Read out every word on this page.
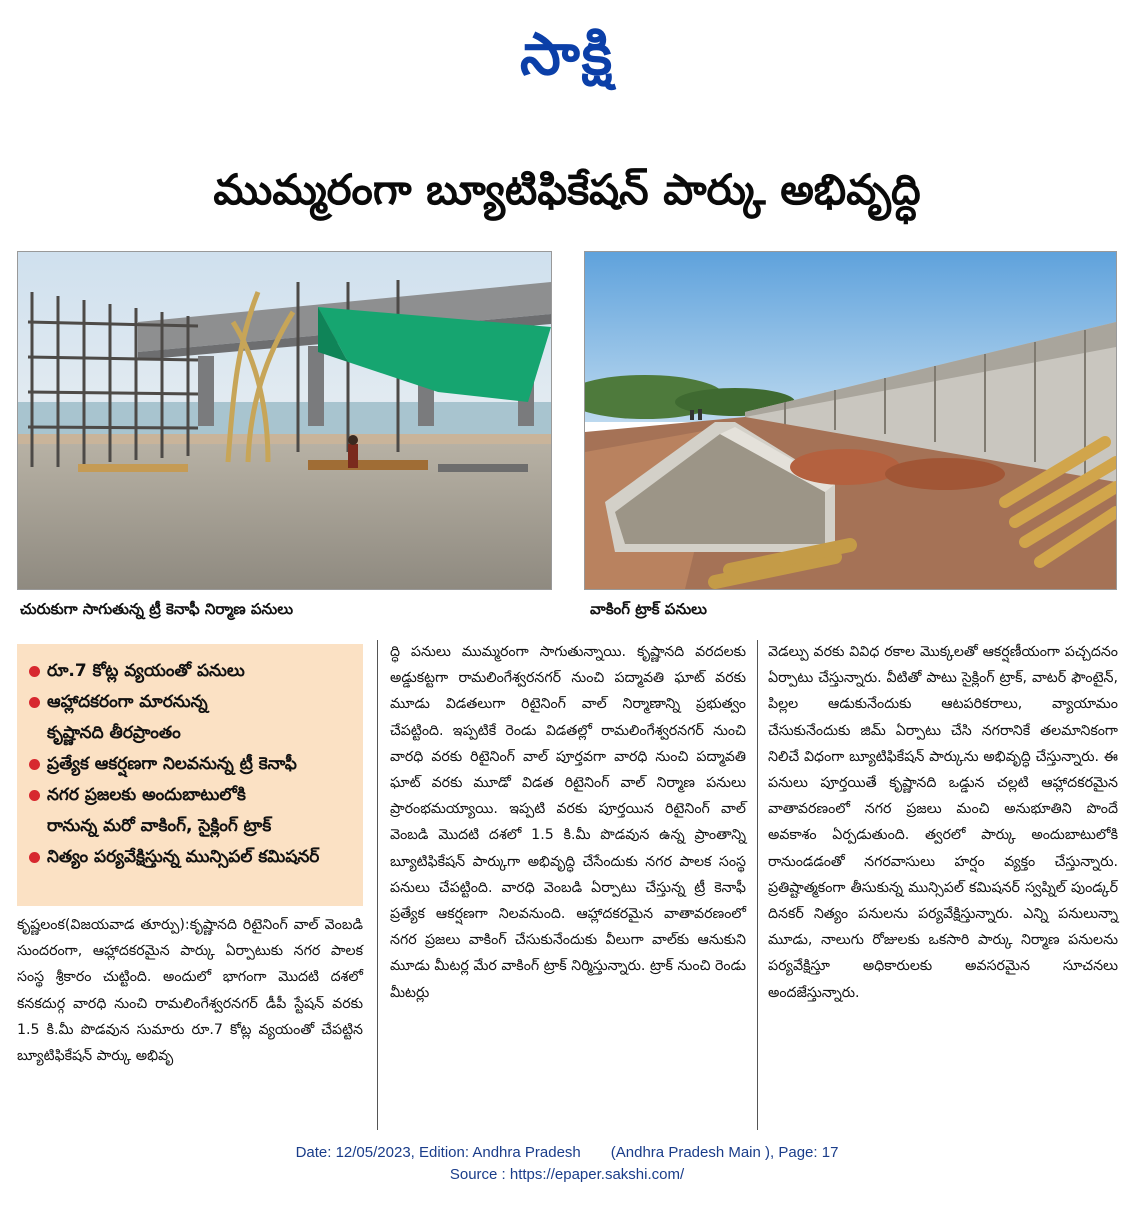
సాక్షి
ముమ్మరంగా బ్యూటిఫికేషన్ పార్కు అభివృద్ధి
చురుకుగా సాగుతున్న ట్రీ కెనాఫీ నిర్మాణ పనులు	వాకింగ్ ట్రాక్ పనులు
రూ.7 కోట్ల వ్యయంతో పనులు
ఆహ్లాదకరంగా మారనున్న
కృష్ణానది తీరప్రాంతం
ప్రత్యేక ఆకర్షణగా నిలవనున్న ట్రీ కెనాఫీ
నగర ప్రజలకు అందుబాటులోకి
రానున్న మరో వాకింగ్, సైక్లింగ్ ట్రాక్
నిత్యం పర్యవేక్షిస్తున్న మున్సిపల్ కమిషనర్

కృష్ణలంక(విజయవాడ తూర్పు):కృష్ణానది రిటైనింగ్ వాల్ వెంబడి సుందరంగా, ఆహ్లాదకరమైన పార్కు ఏర్పాటుకు నగర పాలక సంస్థ శ్రీకారం చుట్టింది. అందులో భాగంగా మొదటి దశలో కనకదుర్గ వారధి నుంచి రామలింగేశ్వరనగర్ డీపీ స్టేషన్ వరకు 1.5 కి.మీ పొడవున సుమారు రూ.7 కోట్ల వ్యయంతో చేపట్టిన బ్యూటిఫికేషన్ పార్కు అభివృ

ద్ధి పనులు ముమ్మరంగా సాగుతున్నాయి. కృష్ణానది వరదలకు అడ్డుకట్టగా రామలింగేశ్వరనగర్ నుంచి పద్మావతి ఘాట్ వరకు మూడు విడతలుగా రిటైనింగ్ వాల్ నిర్మాణాన్ని ప్రభుత్వం చేపట్టింది. ఇప్పటికే రెండు విడతల్లో రామలింగేశ్వరనగర్ నుంచి వారధి వరకు రిటైనింగ్ వాల్ పూర్తవగా వారధి నుంచి పద్మావతి ఘాట్ వరకు మూడో విడత రిటైనింగ్ వాల్ నిర్మాణ పనులు ప్రారంభమయ్యాయి. ఇప్పటి వరకు పూర్తయిన రిటైనింగ్ వాల్ వెంబడి మొదటి దశలో 1.5 కి.మీ పొడవున ఉన్న ప్రాంతాన్ని బ్యూటిఫికేషన్ పార్కుగా అభివృద్ధి చేసేందుకు నగర పాలక సంస్థ పనులు చేపట్టింది. వారధి వెంబడి ఏర్పాటు చేస్తున్న ట్రీ కెనాఫీ ప్రత్యేక ఆకర్షణగా నిలవనుంది. ఆహ్లాదకరమైన వాతావరణంలో నగర ప్రజలు వాకింగ్ చేసుకునేందుకు వీలుగా వాల్‌కు ఆనుకుని మూడు మీటర్ల మేర వాకింగ్ ట్రాక్ నిర్మిస్తున్నారు. ట్రాక్ నుంచి రెండు మీటర్లు

వెడల్పు వరకు వివిధ రకాల మొక్కలతో ఆకర్షణీయంగా పచ్చదనం ఏర్పాటు చేస్తున్నారు. వీటితో పాటు సైక్లింగ్ ట్రాక్, వాటర్ ఫౌంటైన్, పిల్లల ఆడుకునేందుకు ఆటపరికరాలు, వ్యాయామం చేసుకునేందుకు జిమ్ ఏర్పాటు చేసి నగరానికే తలమానికంగా నిలిచే విధంగా బ్యూటిఫికేషన్ పార్కును అభివృద్ధి చేస్తున్నారు. ఈ పనులు పూర్తయితే కృష్ణానది ఒడ్డున చల్లటి ఆహ్లాదకరమైన వాతావరణంలో నగర ప్రజలు మంచి అనుభూతిని పొందే అవకాశం ఏర్పడుతుంది. త్వరలో పార్కు అందుబాటులోకి రానుండడంతో నగరవాసులు హర్షం వ్యక్తం చేస్తున్నారు. ప్రతిష్టాత్మకంగా తీసుకున్న మున్సిపల్ కమిషనర్ స్వప్నిల్ పుండ్కర్ దినకర్ నిత్యం పనులను పర్యవేక్షిస్తున్నారు. ఎన్ని పనులున్నా మూడు, నాలుగు రోజులకు ఒకసారి పార్కు నిర్మాణ పనులను పర్యవేక్షిస్తూ అధికారులకు అవసరమైన సూచనలు అందజేస్తున్నారు.

Date: 12/05/2023, Edition: Andhra Pradesh (Andhra Pradesh Main ), Page: 17
Source : https://epaper.sakshi.com/
